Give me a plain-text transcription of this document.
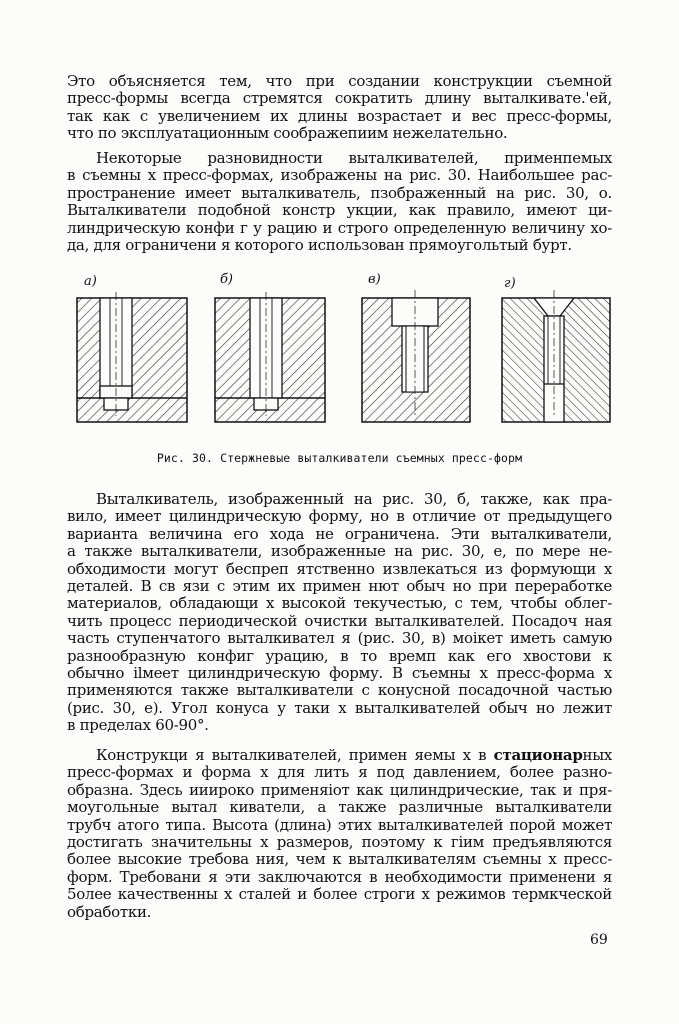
Это объясняется тем, что при создании конструкции съемной
пресс-формы всегда стремятся сократить длину выталкивате.'ей,
так как с увеличением их длины возрастает и вес пресс-формы,
что по эксплуатационным соображепиим нежелательно.
Некоторые разновидности выталкивателей, применпемых
в съемны х пресс-формах, изображены на рис. 30. Наибольшее рас-
пространение имеет выталкиватель, пзображенный на рис. 30, о.
Выталкиватели подобной констр укции, как правило, имеют ци-
линдрическую конфи г у рацию и строго определенную величину хо-
да, для ограничени я которого использован прямоугольтый бурт.
а)	б)	в)	г)
Рис. 30. Стержневые выталкиватели съемных пресс-форм
Выталкиватель, изображенный на рис. 30, б, также, как пра-
вило, имеет цилиндрическую форму, но в отличие от предыдущего
варианта величина его хода не ограничена. Эти выталкиватели,
а также выталкиватели, изображенные на рис. 30, е, по мере не-
обходимости могут беспреп ятственно извлекаться из формующи х
деталей. В св язи с этим их примен нют обыч но при переработке
материалов, обладающи х высокой текучестью, с тем, чтобы облег-
чить процесс периодической очистки выталкивателей. Посадоч ная
часть ступенчатого выталкивател я (рис. 30, в) моікет иметь самую
разнообразную конфиг урацию, в то времп как его хвостови к
обычно іlмеет цилиндрическую форму. В съемны х пресс-форма х
применяются также выталкиватели с конусной посадочной частью
(рис. 30, е). Угол конуса у таки х выталкивателей обыч но лежит
в пределах 60-90°.
Конструкци я выталкивателей, примен яемы х в стационарных
пресс-формах и форма х для лить я под давлением, более разно-
образна. Здесь ииироко применяіот как цилиндрические, так и пря-
моугольные вытал киватели, а также различные выталкиватели
трубч атого типа. Высота (длина) этих выталкивателей порой может
достигать значительны х размеров, поэтому к гіим предъявляются
более высокие требова ния, чем к выталкивателям съемны х пресс-
форм. Требовани я эти заключаются в необходимости применени я
5олее качественны х сталей и более строги х режимов термкческой
обработки.
69
